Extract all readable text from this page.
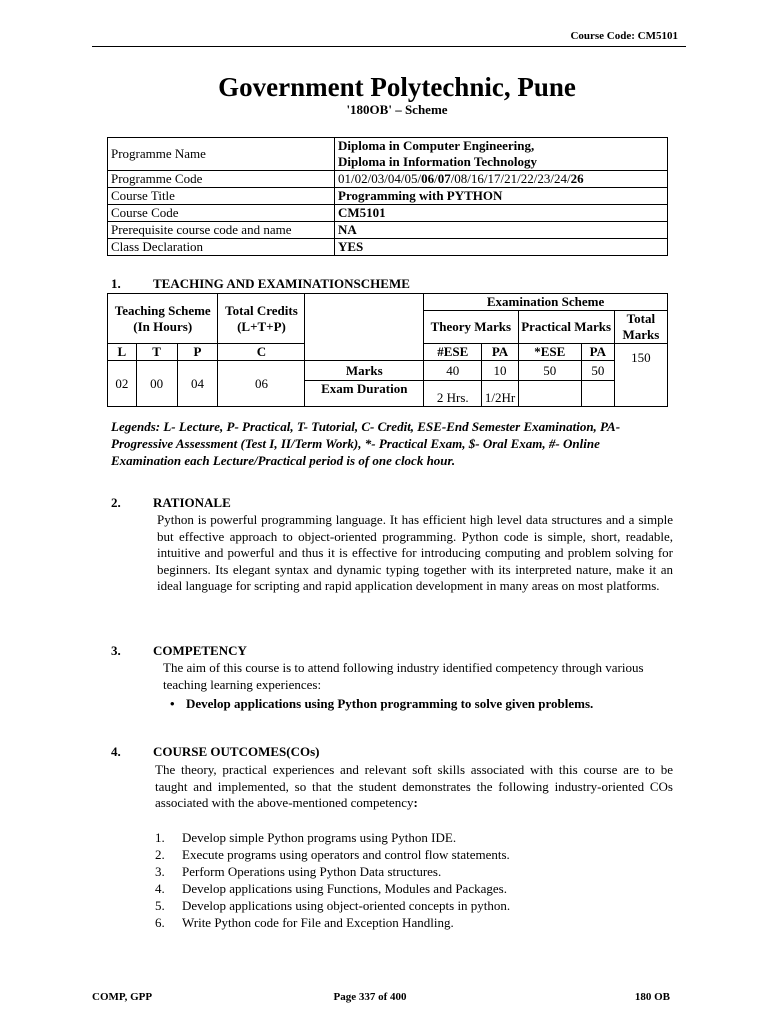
Course Code: CM5101
Government Polytechnic, Pune
'180OB' – Scheme
Programme Name	Diploma in Computer Engineering,
Diploma in Information Technology

Programme Code	01/02/03/04/05/06/07/08/16/17/21/22/23/24/26
Course Title	Programming with PYTHON
Course Code	CM5101
Prerequisite course code and name	NA
Class Declaration	YES
1. TEACHING AND EXAMINATIONSCHEME
Teaching Scheme (In Hours)			Total Credits (L+T+P)		Examination Scheme				
					Theory Marks		Practical Marks		Total Marks
L	T	P	C		#ESE	PA	*ESE	PA	150
02	00	04	06	Marks	40	10	50	50	
				Exam Duration	2 Hrs.	1/2Hr			
Legends: L- Lecture, P- Practical, T- Tutorial, C- Credit, ESE-End Semester Examination, PA- Progressive Assessment (Test I, II/Term Work), *- Practical Exam, $- Oral Exam, #- Online Examination each Lecture/Practical period is of one clock hour.
2. RATIONALE
Python is powerful programming language. It has efficient high level data structures and a simple but effective approach to object-oriented programming. Python code is simple, short, readable, intuitive and powerful and thus it is effective for introducing computing and problem solving for beginners. Its elegant syntax and dynamic typing together with its interpreted nature, make it an ideal language for scripting and rapid application development in many areas on most platforms.
3. COMPETENCY
The aim of this course is to attend following industry identified competency through various teaching learning experiences:
• Develop applications using Python programming to solve given problems.
4. COURSE OUTCOMES(COs)
The theory, practical experiences and relevant soft skills associated with this course are to be taught and implemented, so that the student demonstrates the following industry-oriented COs associated with the above-mentioned competency:
1. Develop simple Python programs using Python IDE.
2. Execute programs using operators and control flow statements.
3. Perform Operations using Python Data structures.
4. Develop applications using Functions, Modules and Packages.
5. Develop applications using object-oriented concepts in python.
6. Write Python code for File and Exception Handling.
COMP, GPP	Page 337 of 400	180 OB
